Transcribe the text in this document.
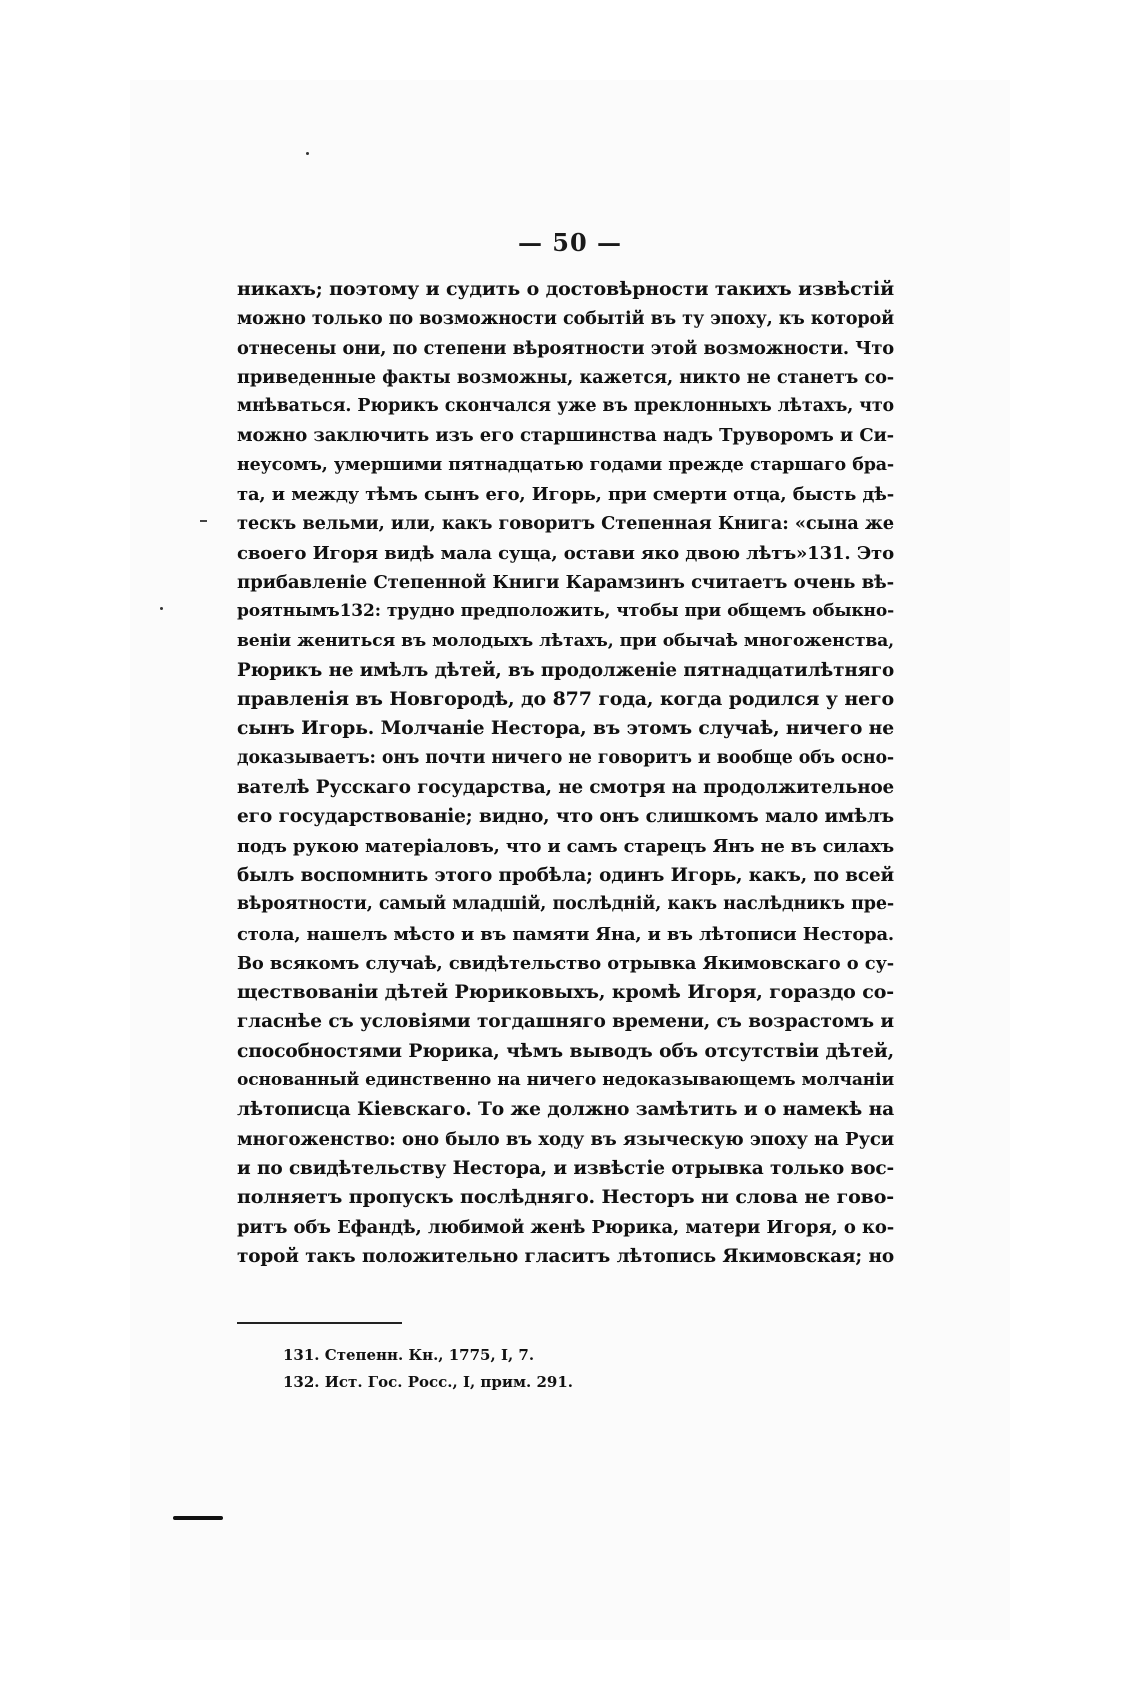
— 50 —
никахъ; поэтому и судить о достовѣрности такихъ извѣстій
можно только по возможности событій въ ту эпоху, къ которой
отнесены они, по степени вѣроятности этой возможности. Что
приведенные факты возможны, кажется, никто не станетъ со-
мнѣваться. Рюрикъ скончался уже въ преклонныхъ лѣтахъ, что
можно заключить изъ его старшинства надъ Труворомъ и Си-
неусомъ, умершими пятнадцатью годами прежде старшаго бра-
та, и между тѣмъ сынъ его, Игорь, при смерти отца, бысть дѣ-
тескъ вельми, или, какъ говоритъ Степенная Книга: «сына же
своего Игоря видѣ мала суща, остави яко двою лѣтъ»131. Это
прибавленіе Степенной Книги Карамзинъ считаетъ очень вѣ-
роятнымъ132: трудно предположить, чтобы при общемъ обыкно-
веніи жениться въ молодыхъ лѣтахъ, при обычаѣ многоженства,
Рюрикъ не имѣлъ дѣтей, въ продолженіе пятнадцатилѣтняго
правленія въ Новгородѣ, до 877 года, когда родился у него
сынъ Игорь. Молчаніе Нестора, въ этомъ случаѣ, ничего не
доказываетъ: онъ почти ничего не говоритъ и вообще объ осно-
вателѣ Русскаго государства, не смотря на продолжительное
его государствованіе; видно, что онъ слишкомъ мало имѣлъ
подъ рукою матеріаловъ, что и самъ старецъ Янъ не въ силахъ
былъ воспомнить этого пробѣла; одинъ Игорь, какъ, по всей
вѣроятности, самый младшій, послѣдній, какъ наслѣдникъ пре-
стола, нашелъ мѣсто и въ памяти Яна, и въ лѣтописи Нестора.
Во всякомъ случаѣ, свидѣтельство отрывка Якимовскаго о су-
ществованіи дѣтей Рюриковыхъ, кромѣ Игоря, гораздо со-
гласнѣе съ условіями тогдашняго времени, съ возрастомъ и
способностями Рюрика, чѣмъ выводъ объ отсутствіи дѣтей,
основанный единственно на ничего недоказывающемъ молчаніи
лѣтописца Кіевскаго. То же должно замѣтить и о намекѣ на
многоженство: оно было въ ходу въ языческую эпоху на Руси
и по свидѣтельству Нестора, и извѣстіе отрывка только вос-
полняетъ пропускъ послѣдняго. Несторъ ни слова не гово-
ритъ объ Ефандѣ, любимой женѣ Рюрика, матери Игоря, о ко-
торой такъ положительно гласитъ лѣтопись Якимовская; но
131. Степенн. Кн., 1775, I, 7.
132. Ист. Гос. Росс., I, прим. 291.
